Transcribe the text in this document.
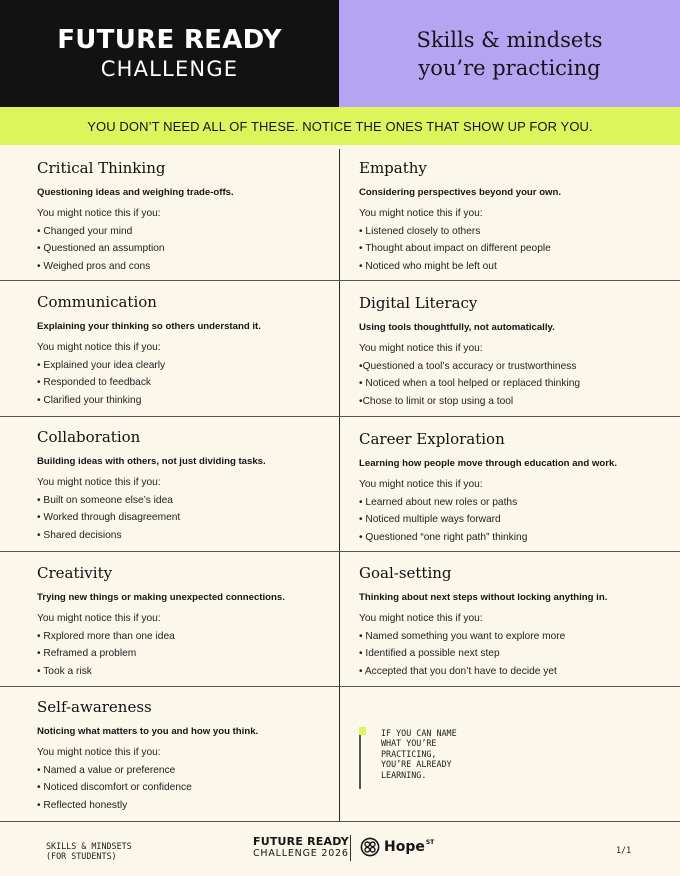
FUTURE READY
CHALLENGE
Skills & mindsets
you’re practicing
YOU DON’T NEED ALL OF THESE. NOTICE THE ONES THAT SHOW UP FOR YOU.
Critical Thinking
Questioning ideas and weighing trade-offs.
You might notice this if you:
• Changed your mind
• Questioned an assumption
• Weighed pros and cons
Empathy
Considering perspectives beyond your own.
You might notice this if you:
• Listened closely to others
• Thought about impact on different people
• Noticed who might be left out
Communication
Explaining your thinking so others understand it.
You might notice this if you:
• Explained your idea clearly
• Responded to feedback
• Clarified your thinking
Digital Literacy
Using tools thoughtfully, not automatically.
You might notice this if you:
•Questioned a tool’s accuracy or trustworthiness
• Noticed when a tool helped or replaced thinking
•Chose to limit or stop using a tool
Collaboration
Building ideas with others, not just dividing tasks.
You might notice this if you:
• Built on someone else’s idea
• Worked through disagreement
• Shared decisions
Career Exploration
Learning how people move through education and work.
You might notice this if you:
• Learned about new roles or paths
• Noticed multiple ways forward
• Questioned “one right path” thinking
Creativity
Trying new things or making unexpected connections.
You might notice this if you:
• Rxplored more than one idea
• Reframed a problem
• Took a risk
Goal-setting
Thinking about next steps without locking anything in.
You might notice this if you:
• Named something you want to explore more
• Identified a possible next step
• Accepted that you don’t have to decide yet
Self-awareness
Noticing what matters to you and how you think.
You might notice this if you:
• Named a value or preference
• Noticed discomfort or confidence
• Reflected honestly
IF YOU CAN NAME
WHAT YOU’RE
PRACTICING,
YOU’RE ALREADY
LEARNING.
SKILLS & MINDSETS
(FOR STUDENTS)
FUTURE READY
CHALLENGE 2026	Hope ST
1/1
